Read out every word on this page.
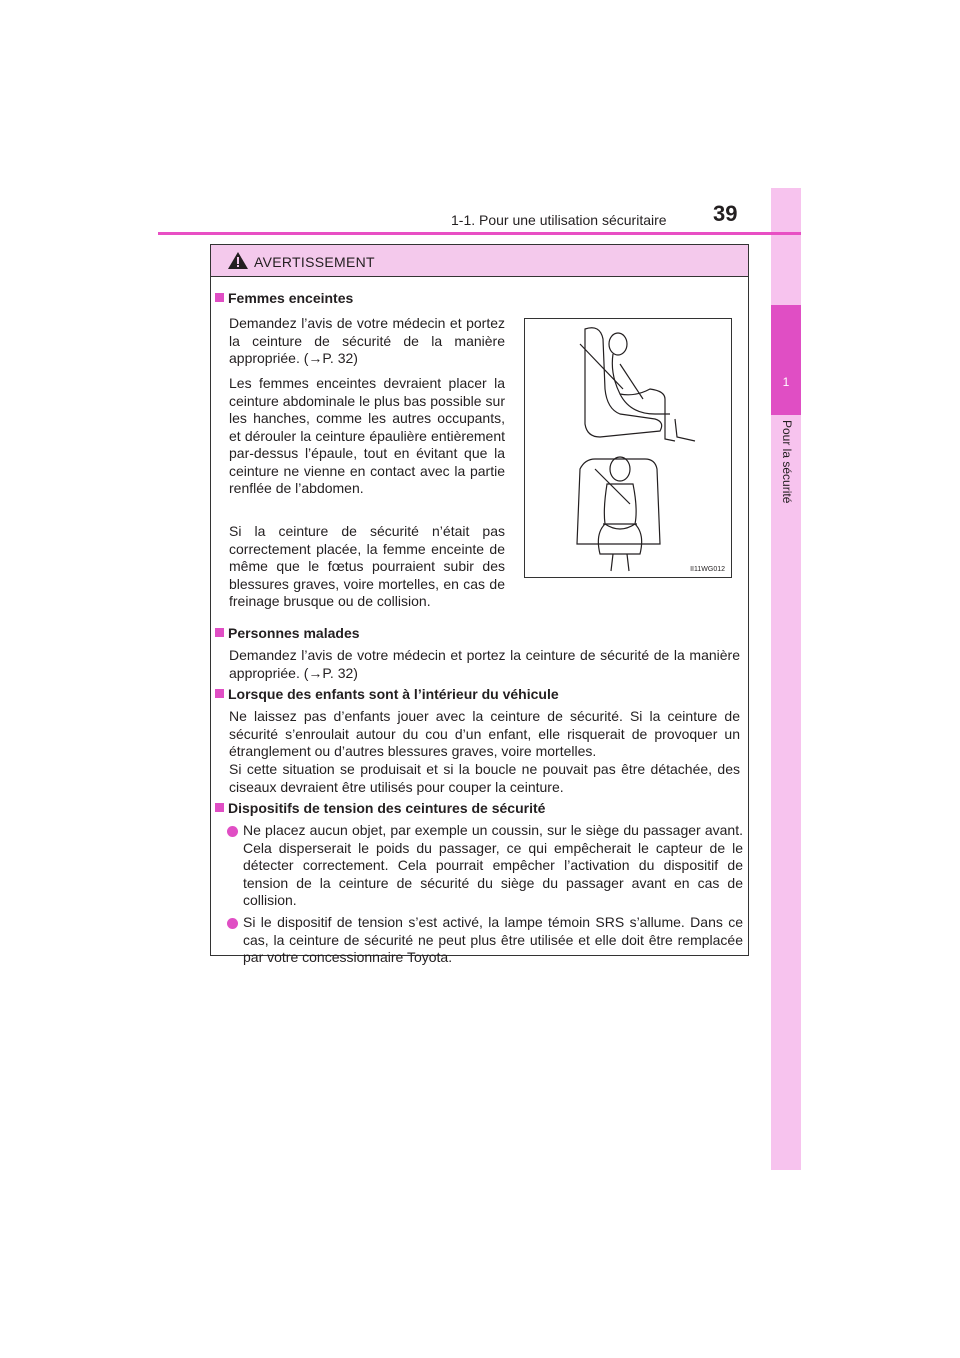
1
Pour la sécurité
1-1. Pour une utilisation sécuritaire 39
AVERTISSEMENT
Femmes enceintes
Demandez l’avis de votre médecin et portez la ceinture de sécurité de la manière appropriée. (→P. 32)
Les femmes enceintes devraient placer la ceinture abdominale le plus bas possible sur les hanches, comme les autres occupants, et dérouler la ceinture épaulière entièrement par-dessus l’épaule, tout en évitant que la ceinture ne vienne en contact avec la partie renflée de l’abdomen.
Si la ceinture de sécurité n’était pas correctement placée, la femme enceinte de même que le fœtus pourraient subir des blessures graves, voire mortelles, en cas de freinage brusque ou de collision.
II11WG012
Personnes malades
Demandez l’avis de votre médecin et portez la ceinture de sécurité de la manière appropriée. (→P. 32)
Lorsque des enfants sont à l’intérieur du véhicule
Ne laissez pas d’enfants jouer avec la ceinture de sécurité. Si la ceinture de sécurité s’enroulait autour du cou d’un enfant, elle risquerait de provoquer un étranglement ou d’autres blessures graves, voire mortelles.
Si cette situation se produisait et si la boucle ne pouvait pas être détachée, des ciseaux devraient être utilisés pour couper la ceinture.
Dispositifs de tension des ceintures de sécurité
Ne placez aucun objet, par exemple un coussin, sur le siège du passager avant. Cela disperserait le poids du passager, ce qui empêcherait le capteur de le détecter correctement. Cela pourrait empêcher l’activation du dispositif de tension de la ceinture de sécurité du siège du passager avant en cas de collision.
Si le dispositif de tension s’est activé, la lampe témoin SRS s’allume. Dans ce cas, la ceinture de sécurité ne peut plus être utilisée et elle doit être remplacée par votre concessionnaire Toyota.
